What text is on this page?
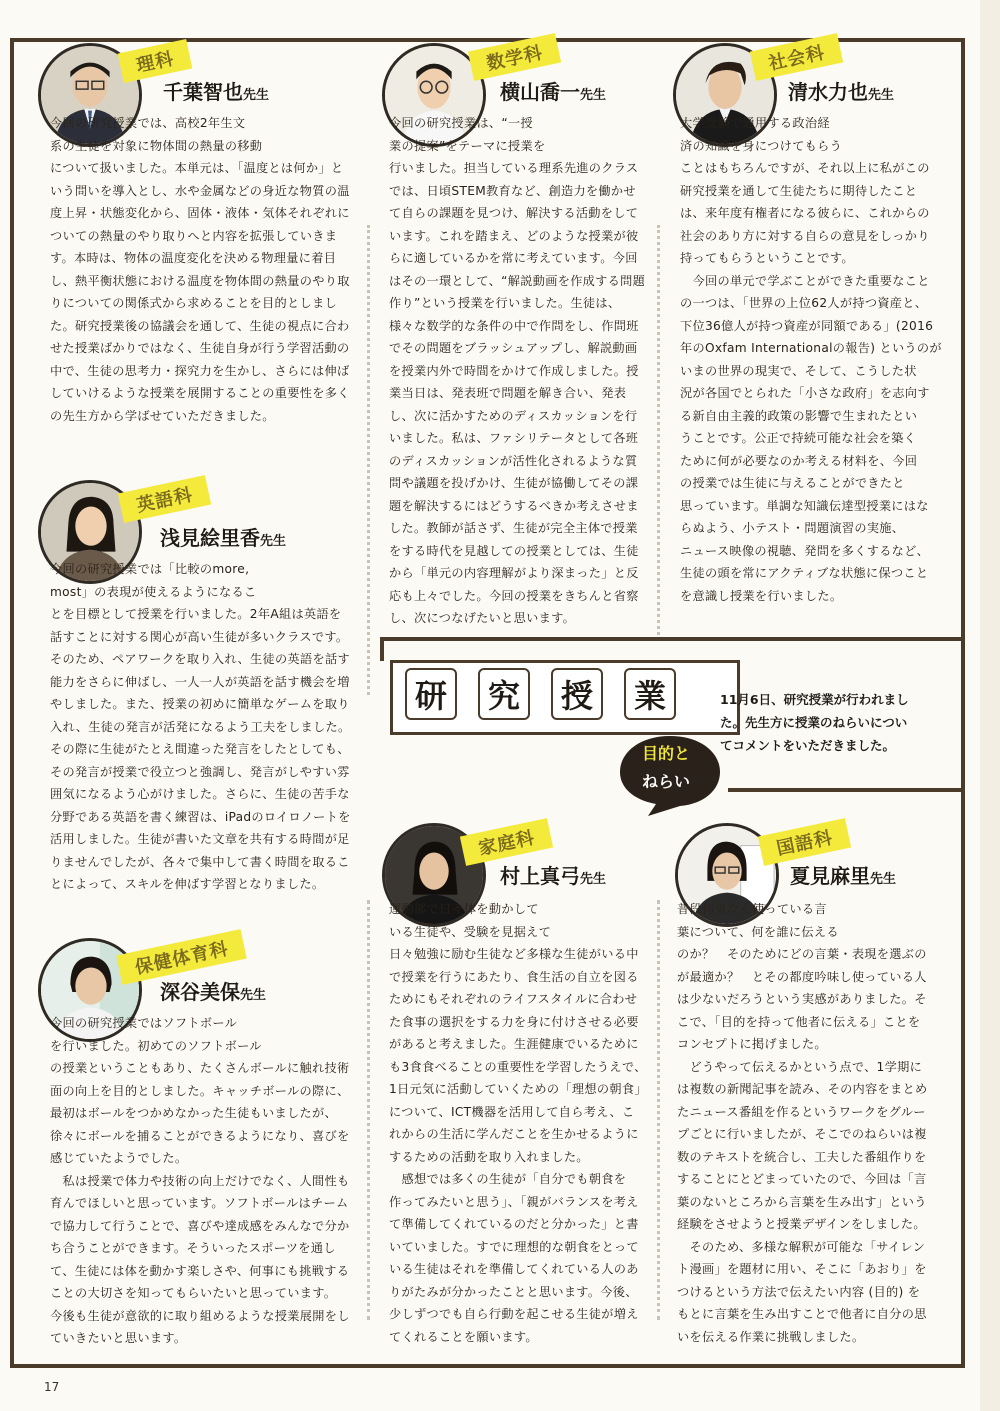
理科
千葉智也先生
今回の研究授業では、高校2年生文
系の生徒を対象に物体間の熱量の移動
について扱いました。本単元は、「温度とは何か」と
いう問いを導入とし、水や金属などの身近な物質の温
度上昇・状態変化から、固体・液体・気体それぞれに
ついての熱量のやり取りへと内容を拡張していきま
す。本時は、物体の温度変化を決める物理量に着目
し、熱平衡状態における温度を物体間の熱量のやり取
りについての関係式から求めることを目的としまし
た。研究授業後の協議会を通して、生徒の視点に合わ
せた授業ばかりではなく、生徒自身が行う学習活動の
中で、生徒の思考力・探究力を生かし、さらには伸ば
していけるような授業を展開することの重要性を多く
の先生方から学ばせていただきました。
数学科
横山喬一先生
今回の研究授業は、“一授
業の提案”をテーマに授業を
行いました。担当している理系先進のクラス
では、日頃STEM教育など、創造力を働かせ
て自らの課題を見つけ、解決する活動をして
います。これを踏まえ、どのような授業が彼
らに適しているかを常に考えています。今回
はその一環として、“解説動画を作成する問題
作り”という授業を行いました。生徒は、
様々な数学的な条件の中で作問をし、作問班
でその問題をブラッシュアップし、解説動画
を授業内外で時間をかけて作成しました。授
業当日は、発表班で問題を解き合い、発表
し、次に活かすためのディスカッションを行
いました。私は、ファシリテータとして各班
のディスカッションが活性化されるような質
問や議題を投げかけ、生徒が協働してその課
題を解決するにはどうするべきか考えさせま
した。教師が話さず、生徒が完全主体で授業
をする時代を見越しての授業としては、生徒
から「単元の内容理解がより深まった」と反
応も上々でした。今回の授業をきちんと省察
し、次につなげたいと思います。
社会科
清水力也先生
大学受験で通用する政治経
済の知識を身につけてもらう
ことはもちろんですが、それ以上に私がこの
研究授業を通して生徒たちに期待したこと
は、来年度有権者になる彼らに、これからの
社会のあり方に対する自らの意見をしっかり
持ってもらうということです。
　今回の単元で学ぶことができた重要なこと
の一つは、「世界の上位62人が持つ資産と、
下位36億人が持つ資産が同額である」(2016
年のOxfam Internationalの報告) というのが
いまの世界の現実で、そして、こうした状
況が各国でとられた「小さな政府」を志向す
る新自由主義的政策の影響で生まれたとい
うことです。公正で持続可能な社会を築く
ために何が必要なのか考える材料を、今回
の授業では生徒に与えることができたと
思っています。単調な知識伝達型授業にはな
らぬよう、小テスト・問題演習の実施、
ニュース映像の視聴、発問を多くするなど、
生徒の頭を常にアクティブな状態に保つこと
を意識し授業を行いました。
英語科
浅見絵里香先生
今回の研究授業では「比較のmore,
most」の表現が使えるようになるこ
とを目標として授業を行いました。2年A組は英語を
話すことに対する関心が高い生徒が多いクラスです。
そのため、ペアワークを取り入れ、生徒の英語を話す
能力をさらに伸ばし、一人一人が英語を話す機会を増
やしました。また、授業の初めに簡単なゲームを取り
入れ、生徒の発言が活発になるよう工夫をしました。
その際に生徒がたとえ間違った発言をしたとしても、
その発言が授業で役立つと強調し、発言がしやすい雰
囲気になるよう心がけました。さらに、生徒の苦手な
分野である英語を書く練習は、iPadのロイロノートを
活用しました。生徒が書いた文章を共有する時間が足
りませんでしたが、各々で集中して書く時間を取るこ
とによって、スキルを伸ばす学習となりました。
保健体育科
深谷美保先生
今回の研究授業ではソフトボール
を行いました。初めてのソフトボール
の授業ということもあり、たくさんボールに触れ技術
面の向上を目的としました。キャッチボールの際に、
最初はボールをつかめなかった生徒もいましたが、
徐々にボールを捕ることができるようになり、喜びを
感じていたようでした。
　私は授業で体力や技術の向上だけでなく、人間性も
育んでほしいと思っています。ソフトボールはチーム
で協力して行うことで、喜びや達成感をみんなで分か
ち合うことができます。そういったスポーツを通し
て、生徒には体を動かす楽しさや、何事にも挑戦する
ことの大切さを知ってもらいたいと思っています。
今後も生徒が意欲的に取り組めるような授業展開をし
ていきたいと思います。
家庭科
村上真弓先生
運動部で日々体を動かして
いる生徒や、受験を見据えて
日々勉強に励む生徒など多様な生徒がいる中
で授業を行うにあたり、食生活の自立を図る
ためにもそれぞれのライフスタイルに合わせ
た食事の選択をする力を身に付けさせる必要
があると考えました。生涯健康でいるために
も3食食べることの重要性を学習したうえで、
1日元気に活動していくための「理想の朝食」
について、ICT機器を活用して自ら考え、こ
れからの生活に学んだことを生かせるように
するための活動を取り入れました。
　感想では多くの生徒が「自分でも朝食を
作ってみたいと思う」、「親がバランスを考え
て準備してくれているのだと分かった」と書
いていました。すでに理想的な朝食をとって
いる生徒はそれを準備してくれている人のあ
りがたみが分かったことと思います。今後、
少しずつでも自ら行動を起こせる生徒が増え
てくれることを願います。
国語科
夏見麻里先生
普段何気なく使っている言
葉について、何を誰に伝える
のか？　そのためにどの言葉・表現を選ぶの
が最適か？　とその都度吟味し使っている人
は少ないだろうという実感がありました。そ
こで、「目的を持って他者に伝える」ことを
コンセプトに掲げました。
　どうやって伝えるかという点で、1学期に
は複数の新聞記事を読み、その内容をまとめ
たニュース番組を作るというワークをグルー
プごとに行いましたが、そこでのねらいは複
数のテキストを統合し、工夫した番組作りを
することにとどまっていたので、今回は「言
葉のないところから言葉を生み出す」という
経験をさせようと授業デザインをしました。
　そのため、多様な解釈が可能な「サイレン
ト漫画」を題材に用い、そこに「あおり」を
つけるという方法で伝えたい内容 (目的) を
もとに言葉を生み出すことで他者に自分の思
いを伝える作業に挑戦しました。
研	究	授	業	11月6日、研究授業が行われまし
た。先生方に授業のねらいについ
てコメントをいただきました。
目的と
ねらい
17
